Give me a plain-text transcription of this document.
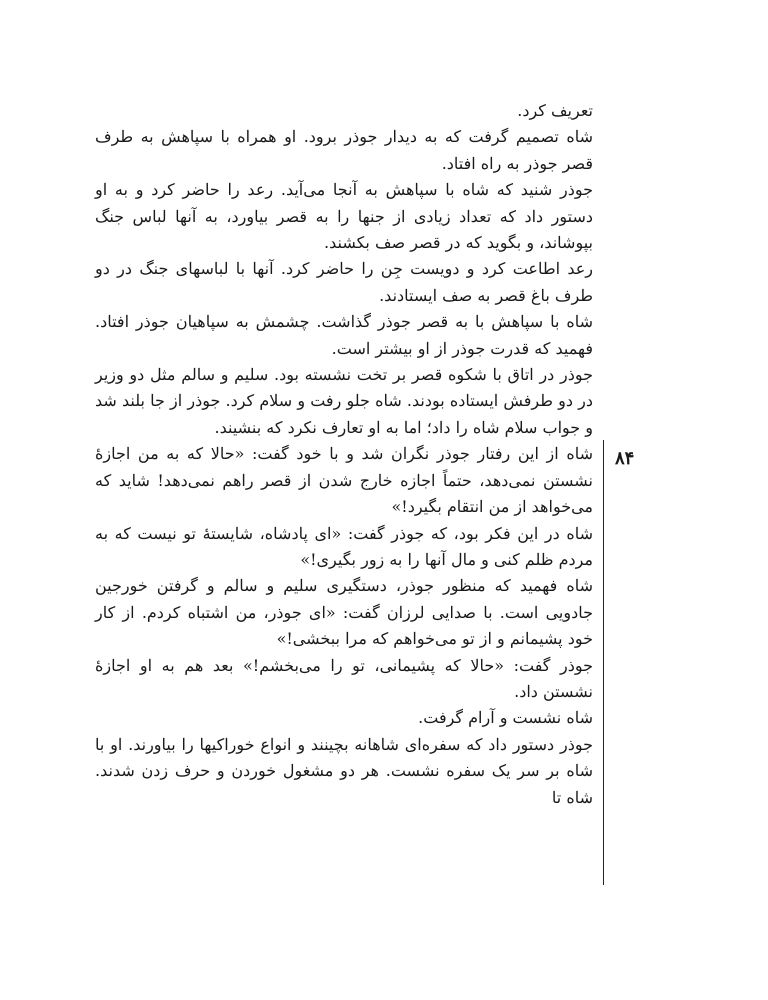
تعریف کرد.

شاه تصمیم گرفت که به دیدار جوذر برود. او همراه با سپاهش به طرف قصر جوذر به راه افتاد.

جوذر شنید که شاه با سپاهش به آنجا می‌آید. رعد را حاضر کرد و به او دستور داد که تعداد زیادی از جنها را به قصر بیاورد، به آنها لباس جنگ بپوشاند، و بگوید که در قصر صف بکشند.

رعد اطاعت کرد و دویست جِن را حاضر کرد. آنها با لباسهای جنگ در دو طرف باغ قصر به صف ایستادند.

شاه با سپاهش با به قصر جوذر گذاشت. چشمش به سپاهیان جوذر افتاد. فهمید که قدرت جوذر از او بیشتر است.

جوذر در اتاق با شکوه قصر بر تخت نشسته بود. سلیم و سالم مثل دو وزیر در دو طرفش ایستاده بودند. شاه جلو رفت و سلام کرد. جوذر از جا بلند شد و جواب سلام شاه را داد؛ اما به او تعارف نکرد که بنشیند.

شاه از این رفتار جوذر نگران شد و با خود گفت: «حالا که به من اجازهٔ نشستن نمی‌دهد، حتماً اجازه خارج شدن از قصر راهم نمی‌دهد! شاید که می‌خواهد از من انتقام بگیرد!»

شاه در این فکر بود، که جوذر گفت: «ای پادشاه، شایستهٔ تو نیست که به مردم ظلم کنی و مال آنها را به زور بگیری!»

شاه فهمید که منظور جوذر، دستگیری سلیم و سالم و گرفتن خورجین جادویی است. با صدایی لرزان گفت: «ای جوذر، من اشتباه کردم. از کار خود پشیمانم و از تو می‌خواهم که مرا ببخشی!»

جوذر گفت: «حالا که پشیمانی، تو را می‌بخشم!» بعد هم به او اجازهٔ نشستن داد.

شاه نشست و آرام گرفت.

جوذر دستور داد که سفره‌ای شاهانه بچینند و انواع خوراکیها را بیاورند. او با شاه بر سر یک سفره نشست. هر دو مشغول خوردن و حرف زدن شدند. شاه تا

۸۴
